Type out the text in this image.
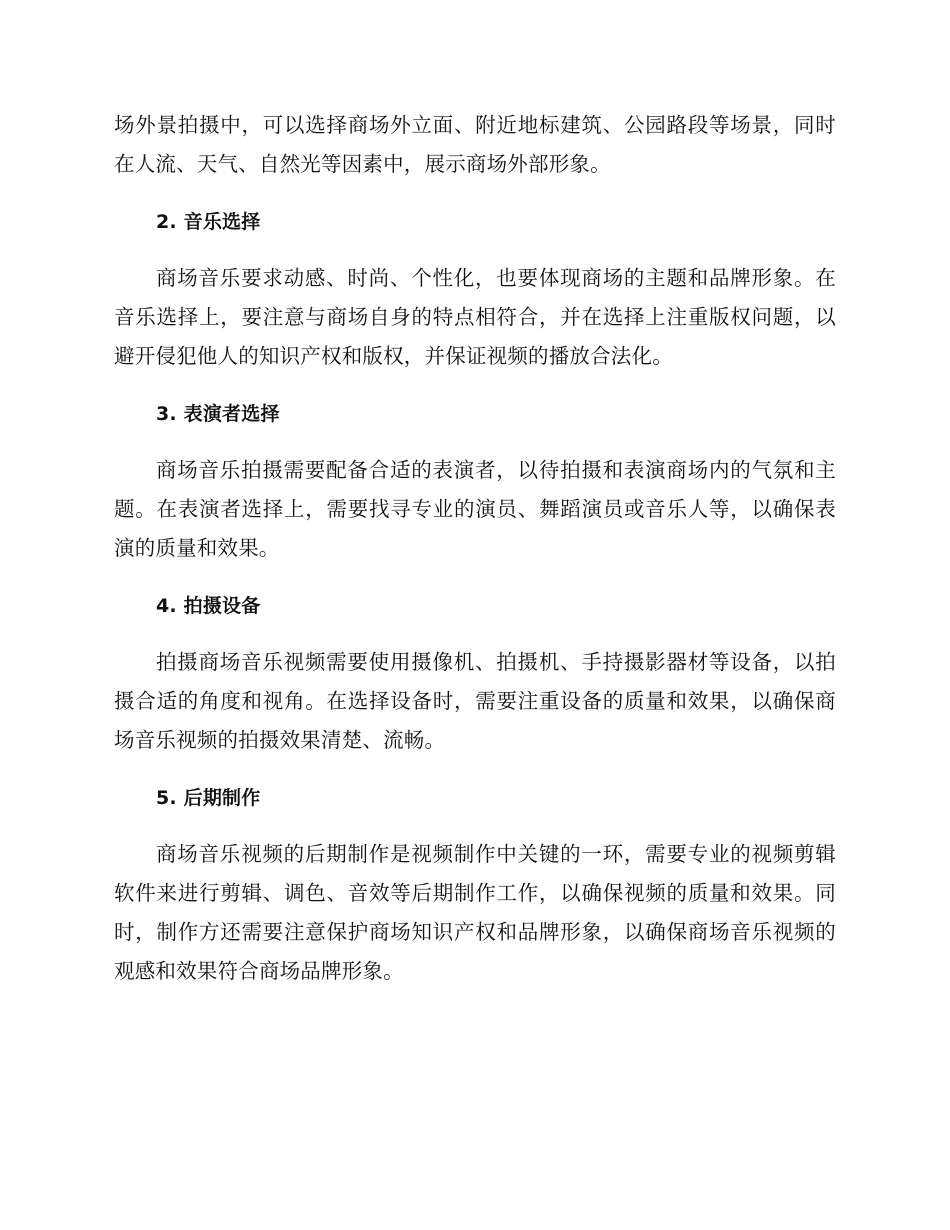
场外景拍摄中，可以选择商场外立面、附近地标建筑、公园路段等场景，同时在人流、天气、自然光等因素中，展示商场外部形象。

2. 音乐选择

商场音乐要求动感、时尚、个性化，也要体现商场的主题和品牌形象。在音乐选择上，要注意与商场自身的特点相符合，并在选择上注重版权问题，以避开侵犯他人的知识产权和版权，并保证视频的播放合法化。

3. 表演者选择

商场音乐拍摄需要配备合适的表演者，以待拍摄和表演商场内的气氛和主题。在表演者选择上，需要找寻专业的演员、舞蹈演员或音乐人等，以确保表演的质量和效果。

4. 拍摄设备

拍摄商场音乐视频需要使用摄像机、拍摄机、手持摄影器材等设备，以拍摄合适的角度和视角。在选择设备时，需要注重设备的质量和效果，以确保商场音乐视频的拍摄效果清楚、流畅。

5. 后期制作

商场音乐视频的后期制作是视频制作中关键的一环，需要专业的视频剪辑软件来进行剪辑、调色、音效等后期制作工作，以确保视频的质量和效果。同时，制作方还需要注意保护商场知识产权和品牌形象，以确保商场音乐视频的观感和效果符合商场品牌形象。
